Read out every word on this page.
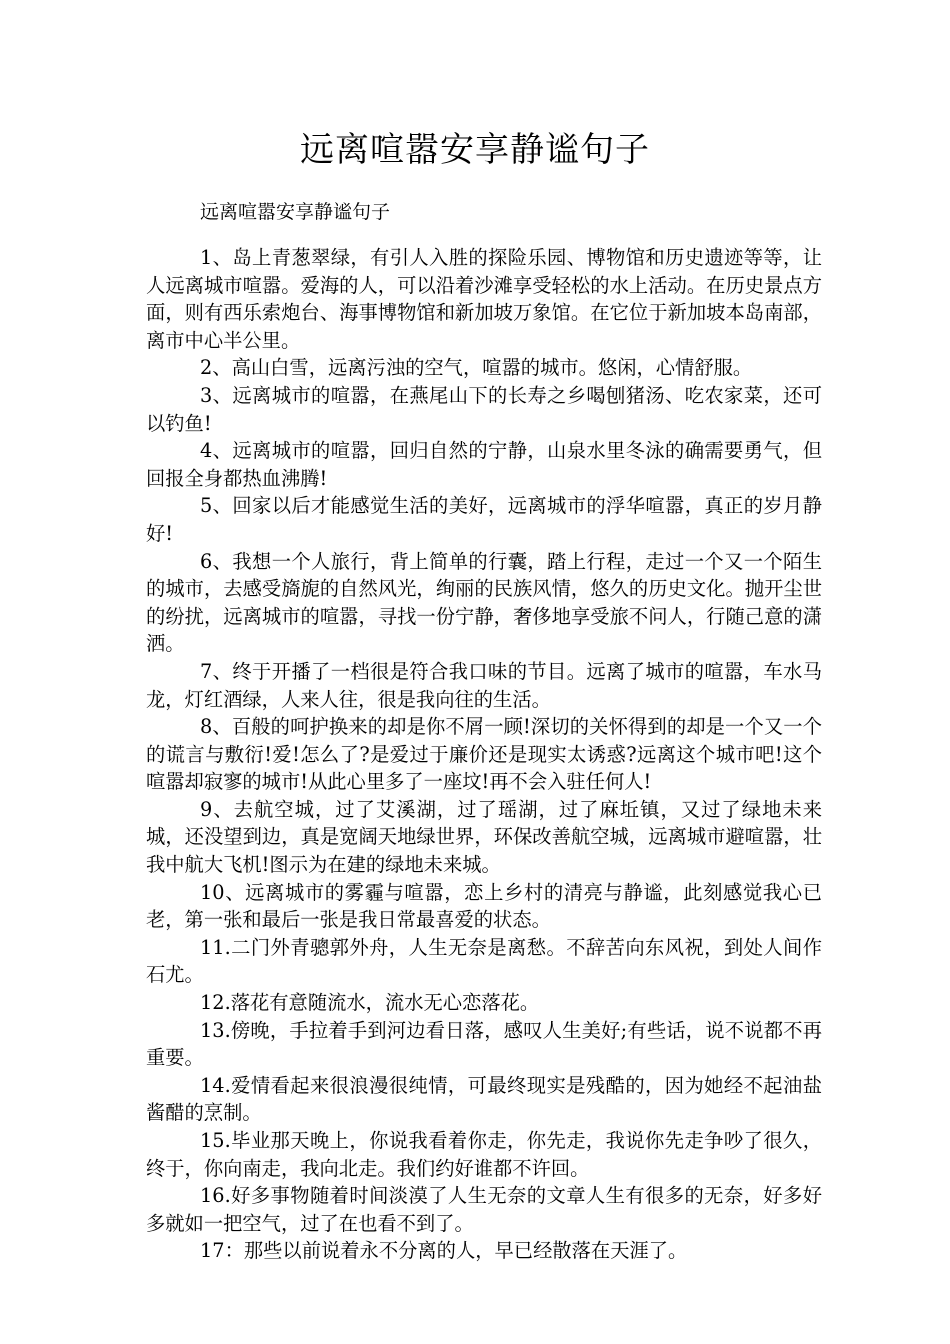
远离喧嚣安享静谧句子

远离喧嚣安享静谧句子

1、岛上青葱翠绿，有引人入胜的探险乐园、博物馆和历史遗迹等等，让人远离城市喧嚣。爱海的人，可以沿着沙滩享受轻松的水上活动。在历史景点方面，则有西乐索炮台、海事博物馆和新加坡万象馆。在它位于新加坡本岛南部，离市中心半公里。

2、高山白雪，远离污浊的空气，喧嚣的城市。悠闲，心情舒服。

3、远离城市的喧嚣，在燕尾山下的长寿之乡喝刨猪汤、吃农家菜，还可以钓鱼!

4、远离城市的喧嚣，回归自然的宁静，山泉水里冬泳的确需要勇气，但回报全身都热血沸腾!

5、回家以后才能感觉生活的美好，远离城市的浮华喧嚣，真正的岁月静好!

6、我想一个人旅行，背上简单的行囊，踏上行程，走过一个又一个陌生的城市，去感受旖旎的自然风光，绚丽的民族风情，悠久的历史文化。抛开尘世的纷扰，远离城市的喧嚣，寻找一份宁静，奢侈地享受旅不问人，行随己意的潇洒。

7、终于开播了一档很是符合我口味的节目。远离了城市的喧嚣，车水马龙，灯红酒绿，人来人往，很是我向往的生活。

8、百般的呵护换来的却是你不屑一顾!深切的关怀得到的却是一个又一个的谎言与敷衍!爱!怎么了?是爱过于廉价还是现实太诱惑?远离这个城市吧!这个喧嚣却寂寥的城市!从此心里多了一座坟!再不会入驻任何人!

9、去航空城，过了艾溪湖，过了瑶湖，过了麻坵镇，又过了绿地未来城，还没望到边，真是宽阔天地绿世界，环保改善航空城，远离城市避喧嚣，壮我中航大飞机!图示为在建的绿地未来城。

10、远离城市的雾霾与喧嚣，恋上乡村的清亮与静谧，此刻感觉我心已老，第一张和最后一张是我日常最喜爱的状态。

11.二门外青骢郭外舟，人生无奈是离愁。不辞苦向东风祝，到处人间作石尤。

12.落花有意随流水，流水无心恋落花。

13.傍晚，手拉着手到河边看日落，感叹人生美好;有些话，说不说都不再重要。

14.爱情看起来很浪漫很纯情，可最终现实是残酷的，因为她经不起油盐酱醋的烹制。

15.毕业那天晚上，你说我看着你走，你先走，我说你先走争吵了很久，终于，你向南走，我向北走。我们约好谁都不许回。

16.好多事物随着时间淡漠了人生无奈的文章人生有很多的无奈，好多好多就如一把空气，过了在也看不到了。

17：那些以前说着永不分离的人，早已经散落在天涯了。
